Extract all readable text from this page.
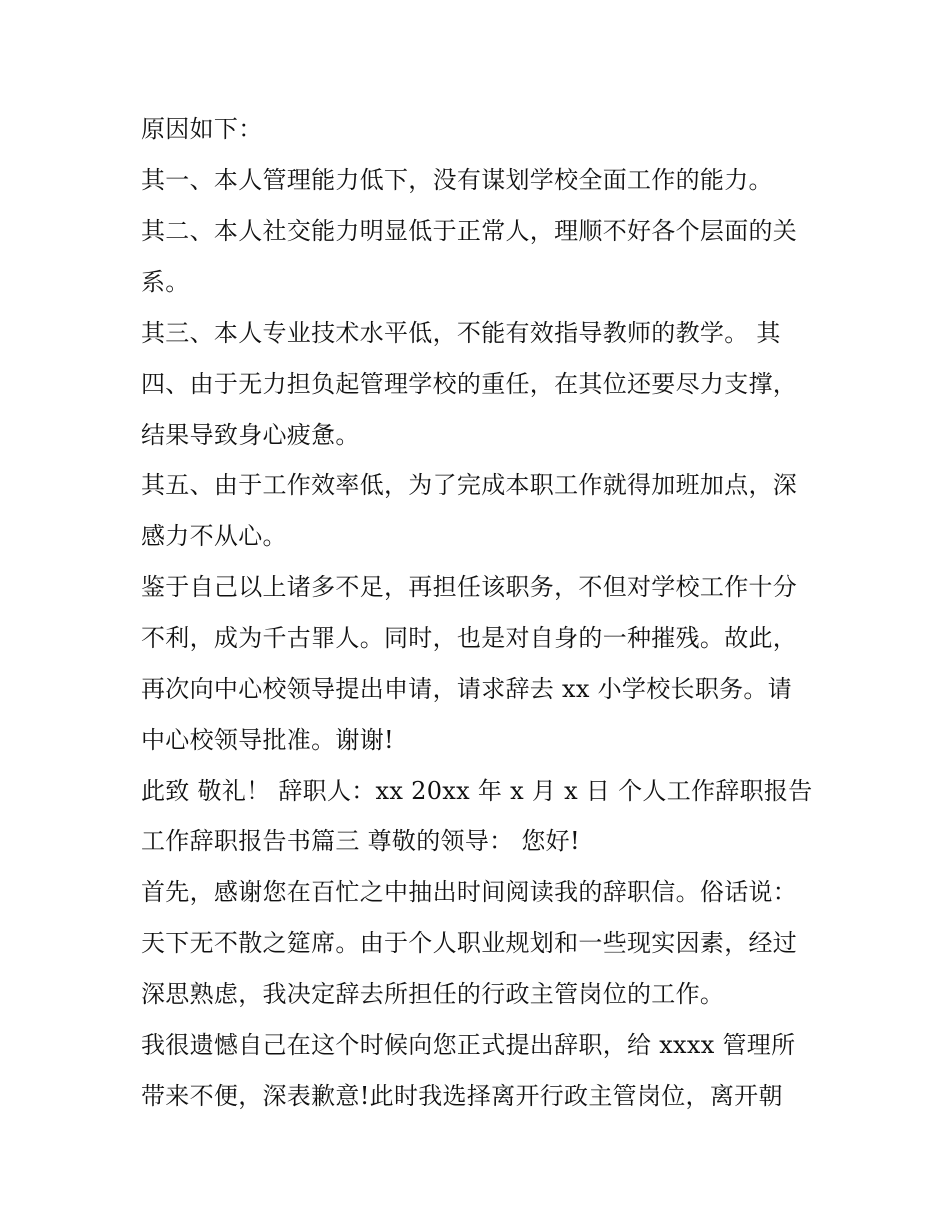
原因如下：
其一、本人管理能力低下，没有谋划学校全面工作的能力。
其二、本人社交能力明显低于正常人，理顺不好各个层面的关
系。
其三、本人专业技术水平低，不能有效指导教师的教学。 其
四、由于无力担负起管理学校的重任，在其位还要尽力支撑，
结果导致身心疲惫。
其五、由于工作效率低，为了完成本职工作就得加班加点，深
感力不从心。
鉴于自己以上诸多不足，再担任该职务，不但对学校工作十分
不利，成为千古罪人。同时，也是对自身的一种摧残。故此，
再次向中心校领导提出申请，请求辞去 xx 小学校长职务。请
中心校领导批准。谢谢!
此致 敬礼！ 辞职人：xx 20xx 年 x 月 x 日 个人工作辞职报告
工作辞职报告书篇三 尊敬的领导： 您好!
首先，感谢您在百忙之中抽出时间阅读我的辞职信。俗话说：
天下无不散之筵席。由于个人职业规划和一些现实因素，经过
深思熟虑，我决定辞去所担任的行政主管岗位的工作。
我很遗憾自己在这个时候向您正式提出辞职，给 xxxx 管理所
带来不便，深表歉意!此时我选择离开行政主管岗位，离开朝
